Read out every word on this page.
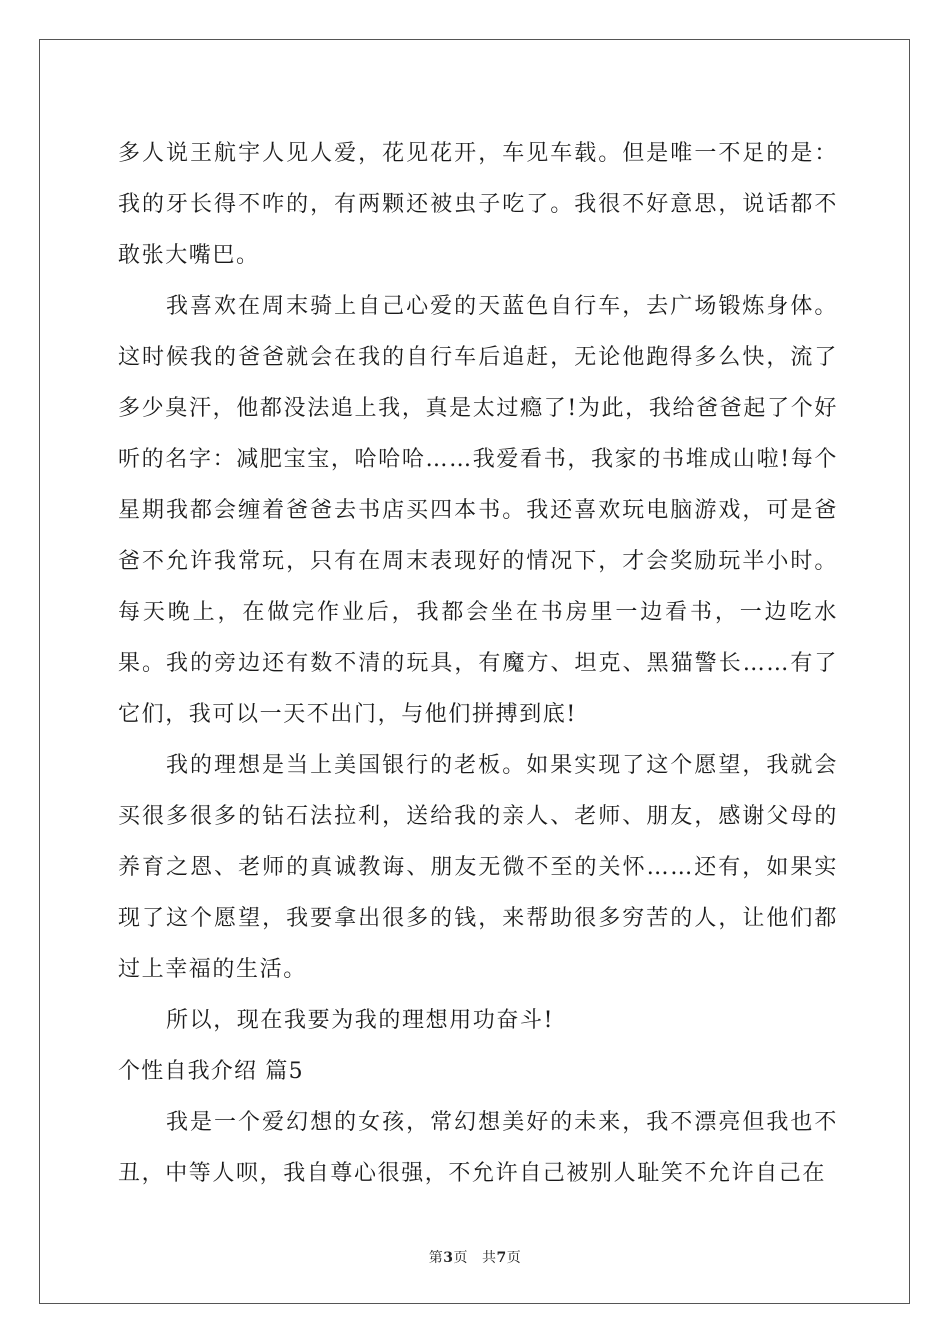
多人说王航宇人见人爱，花见花开，车见车载。但是唯一不足的是：我的牙长得不咋的，有两颗还被虫子吃了。我很不好意思，说话都不敢张大嘴巴。

我喜欢在周末骑上自己心爱的天蓝色自行车，去广场锻炼身体。这时候我的爸爸就会在我的自行车后追赶，无论他跑得多么快，流了多少臭汗，他都没法追上我，真是太过瘾了!为此，我给爸爸起了个好听的名字：减肥宝宝，哈哈哈……我爱看书，我家的书堆成山啦!每个星期我都会缠着爸爸去书店买四本书。我还喜欢玩电脑游戏，可是爸爸不允许我常玩，只有在周末表现好的情况下，才会奖励玩半小时。每天晚上，在做完作业后，我都会坐在书房里一边看书，一边吃水果。我的旁边还有数不清的玩具，有魔方、坦克、黑猫警长……有了它们，我可以一天不出门，与他们拼搏到底!

我的理想是当上美国银行的老板。如果实现了这个愿望，我就会买很多很多的钻石法拉利，送给我的亲人、老师、朋友，感谢父母的养育之恩、老师的真诚教诲、朋友无微不至的关怀……还有，如果实现了这个愿望，我要拿出很多的钱，来帮助很多穷苦的人，让他们都过上幸福的生活。

所以，现在我要为我的理想用功奋斗!

个性自我介绍 篇5

我是一个爱幻想的女孩，常幻想美好的未来，我不漂亮但我也不丑，中等人呗，我自尊心很强，不允许自己被别人耻笑不允许自己在

第3页 共7页
